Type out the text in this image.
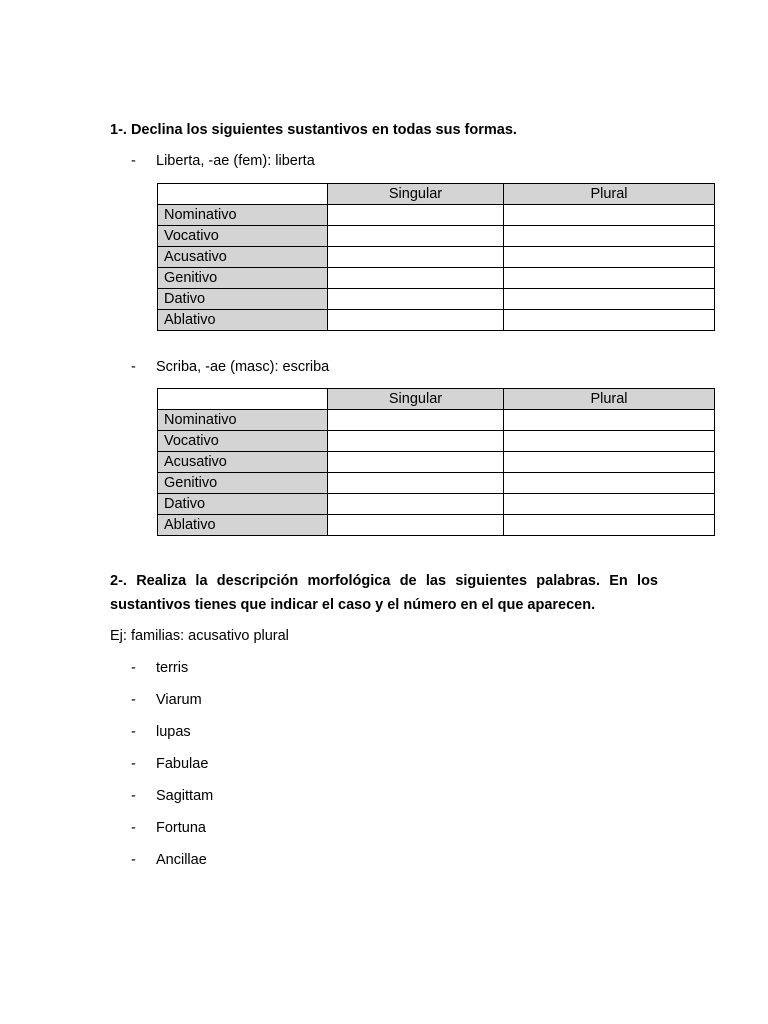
1-. Declina los siguientes sustantivos en todas sus formas.
- Liberta, -ae (fem): liberta
	Singular	Plural
Nominativo		
Vocativo		
Acusativo		
Genitivo		
Dativo		
Ablativo		
- Scriba, -ae (masc): escriba
	Singular	Plural
Nominativo		
Vocativo		
Acusativo		
Genitivo		
Dativo		
Ablativo		
2-. Realiza la descripción morfológica de las siguientes palabras. En los sustantivos tienes que indicar el caso y el número en el que aparecen.
Ej: familias: acusativo plural
- terris
- Viarum
- lupas
- Fabulae
- Sagittam
- Fortuna
- Ancillae
